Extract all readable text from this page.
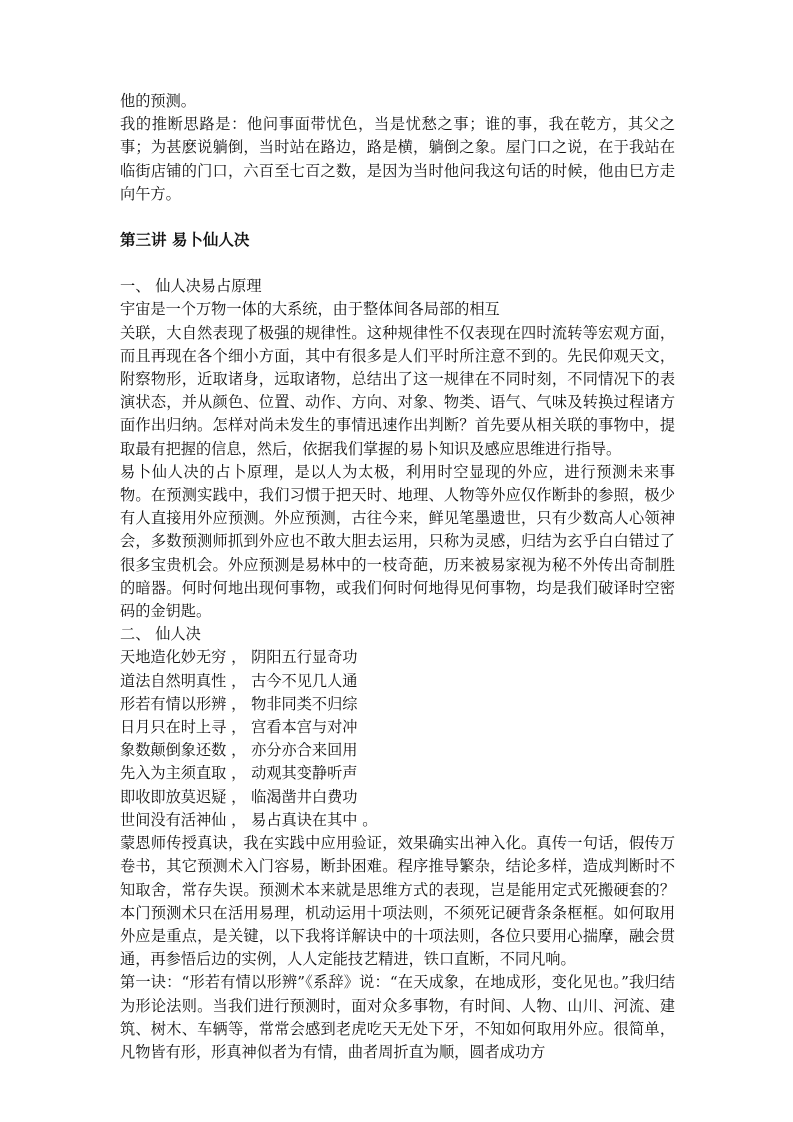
他的预测。

我的推断思路是：他问事面带忧色，当是忧愁之事；谁的事，我在乾方，其父之事；为甚麽说躺倒，当时站在路边，路是横，躺倒之象。屋门口之说，在于我站在临街店铺的门口，六百至七百之数，是因为当时他问我这句话的时候，他由巳方走向午方。

第三讲 易卜仙人决

一、 仙人决易占原理

宇宙是一个万物一体的大系统，由于整体间各局部的相互

关联，大自然表现了极强的规律性。这种规律性不仅表现在四时流转等宏观方面，而且再现在各个细小方面，其中有很多是人们平时所注意不到的。先民仰观天文，附察物形，近取诸身，远取诸物，总结出了这一规律在不同时刻，不同情况下的表演状态，并从颜色、位置、动作、方向、对象、物类、语气、气味及转换过程诸方面作出归纳。怎样对尚未发生的事情迅速作出判断？首先要从相关联的事物中，提取最有把握的信息，然后，依据我们掌握的易卜知识及感应思维进行指导。

易卜仙人决的占卜原理，是以人为太极，利用时空显现的外应，进行预测未来事物。在预测实践中，我们习惯于把天时、地理、人物等外应仅作断卦的参照，极少有人直接用外应预测。外应预测，古往今来，鲜见笔墨遗世，只有少数高人心领神会，多数预测师抓到外应也不敢大胆去运用，只称为灵感，归结为玄乎白白错过了很多宝贵机会。外应预测是易林中的一枝奇葩，历来被易家视为秘不外传出奇制胜的暗器。何时何地出现何事物，或我们何时何地得见何事物，均是我们破译时空密码的金钥匙。

二、 仙人决

天地造化妙无穷 ， 阴阳五行显奇功

道法自然明真性 ， 古今不见几人通

形若有情以形辨 ， 物非同类不归综

日月只在时上寻 ， 宫看本宫与对冲

象数颠倒象还数 ， 亦分亦合来回用

先入为主须直取 ， 动观其变静听声

即收即放莫迟疑 ， 临渴凿井白费功

世间没有活神仙 ， 易占真诀在其中 。

蒙恩师传授真诀，我在实践中应用验证，效果确实出神入化。真传一句话，假传万卷书，其它预测术入门容易，断卦困难。程序推导繁杂，结论多样，造成判断时不知取舍，常存失误。预测术本来就是思维方式的表现，岂是能用定式死搬硬套的？本门预测术只在活用易理，机动运用十项法则，不须死记硬背条条框框。如何取用外应是重点，是关键，以下我将详解诀中的十项法则，各位只要用心揣摩，融会贯通，再参悟后边的实例，人人定能技艺精进，铁口直断，不同凡响。

第一诀：“形若有情以形辨”《系辞》说：“在天成象，在地成形，变化见也。”我归结为形论法则。当我们进行预测时，面对众多事物，有时间、人物、山川、河流、建筑、树木、车辆等，常常会感到老虎吃天无处下牙，不知如何取用外应。很简单，凡物皆有形，形真神似者为有情，曲者周折直为顺，圆者成功方
